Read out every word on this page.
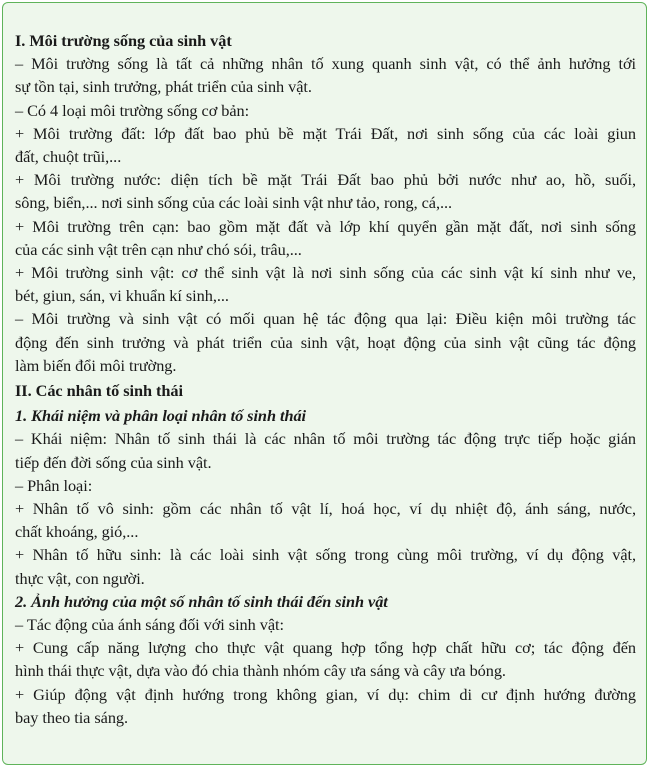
I. Môi trường sống của sinh vật
– Môi trường sống là tất cả những nhân tố xung quanh sinh vật, có thể ảnh hưởng tới
sự tồn tại, sinh trưởng, phát triển của sinh vật.
– Có 4 loại môi trường sống cơ bản:
+ Môi trường đất: lớp đất bao phủ bề mặt Trái Đất, nơi sinh sống của các loài giun
đất, chuột trũi,...
+ Môi trường nước: diện tích bề mặt Trái Đất bao phủ bởi nước như ao, hồ, suối,
sông, biển,... nơi sinh sống của các loài sinh vật như tảo, rong, cá,...
+ Môi trường trên cạn: bao gồm mặt đất và lớp khí quyển gần mặt đất, nơi sinh sống
của các sinh vật trên cạn như chó sói, trâu,...
+ Môi trường sinh vật: cơ thể sinh vật là nơi sinh sống của các sinh vật kí sinh như ve,
bét, giun, sán, vi khuẩn kí sinh,...
– Môi trường và sinh vật có mối quan hệ tác động qua lại: Điều kiện môi trường tác
động đến sinh trưởng và phát triển của sinh vật, hoạt động của sinh vật cũng tác động
làm biến đổi môi trường.
II. Các nhân tố sinh thái
1. Khái niệm và phân loại nhân tố sinh thái
– Khái niệm: Nhân tố sinh thái là các nhân tố môi trường tác động trực tiếp hoặc gián
tiếp đến đời sống của sinh vật.
– Phân loại:
+ Nhân tố vô sinh: gồm các nhân tố vật lí, hoá học, ví dụ nhiệt độ, ánh sáng, nước,
chất khoáng, gió,...
+ Nhân tố hữu sinh: là các loài sinh vật sống trong cùng môi trường, ví dụ động vật,
thực vật, con người.
2. Ảnh hưởng của một số nhân tố sinh thái đến sinh vật
– Tác động của ánh sáng đối với sinh vật:
+ Cung cấp năng lượng cho thực vật quang hợp tổng hợp chất hữu cơ; tác động đến
hình thái thực vật, dựa vào đó chia thành nhóm cây ưa sáng và cây ưa bóng.
+ Giúp động vật định hướng trong không gian, ví dụ: chim di cư định hướng đường
bay theo tia sáng.
